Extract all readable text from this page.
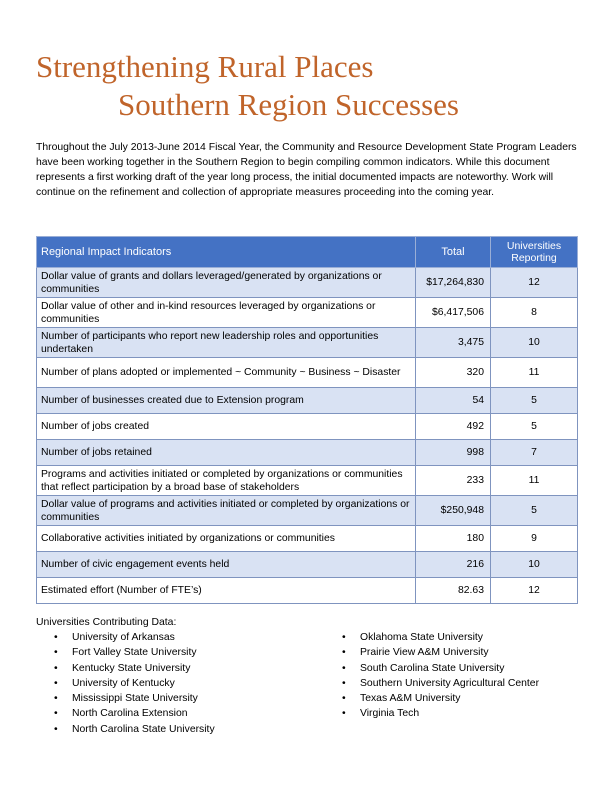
Strengthening Rural Places
Southern Region Successes

Throughout the July 2013-June 2014 Fiscal Year, the Community and Resource Development State Program Leaders have been working together in the Southern Region to begin compiling common indicators. While this document represents a first working draft of the year long process, the initial documented impacts are noteworthy. Work will continue on the refinement and collection of appropriate measures proceeding into the coming year.

Regional Impact Indicators	Total	Universities Reporting
Dollar value of grants and dollars leveraged/generated by organizations or communities	$17,264,830	12
Dollar value of other and in-kind resources leveraged by organizations or communities	$6,417,506	8
Number of participants who report new leadership roles and opportunities undertaken	3,475	10
Number of plans adopted or implemented ~ Community ~ Business ~ Disaster	320	11
Number of businesses created due to Extension program	54	5
Number of jobs created	492	5
Number of jobs retained	998	7
Programs and activities initiated or completed by organizations or communities that reflect participation by a broad base of stakeholders	233	11
Dollar value of programs and activities initiated or completed by organizations or communities	$250,948	5
Collaborative activities initiated by organizations or communities	180	9
Number of civic engagement events held	216	10
Estimated effort (Number of FTE’s)	82.63	12
Universities Contributing Data:
• University of Arkansas
• Fort Valley State University
• Kentucky State University
• University of Kentucky
• Mississippi State University
• North Carolina Extension
• North Carolina State University
• Oklahoma State University
• Prairie View A&M University
• South Carolina State University
• Southern University Agricultural Center
• Texas A&M University
• Virginia Tech
